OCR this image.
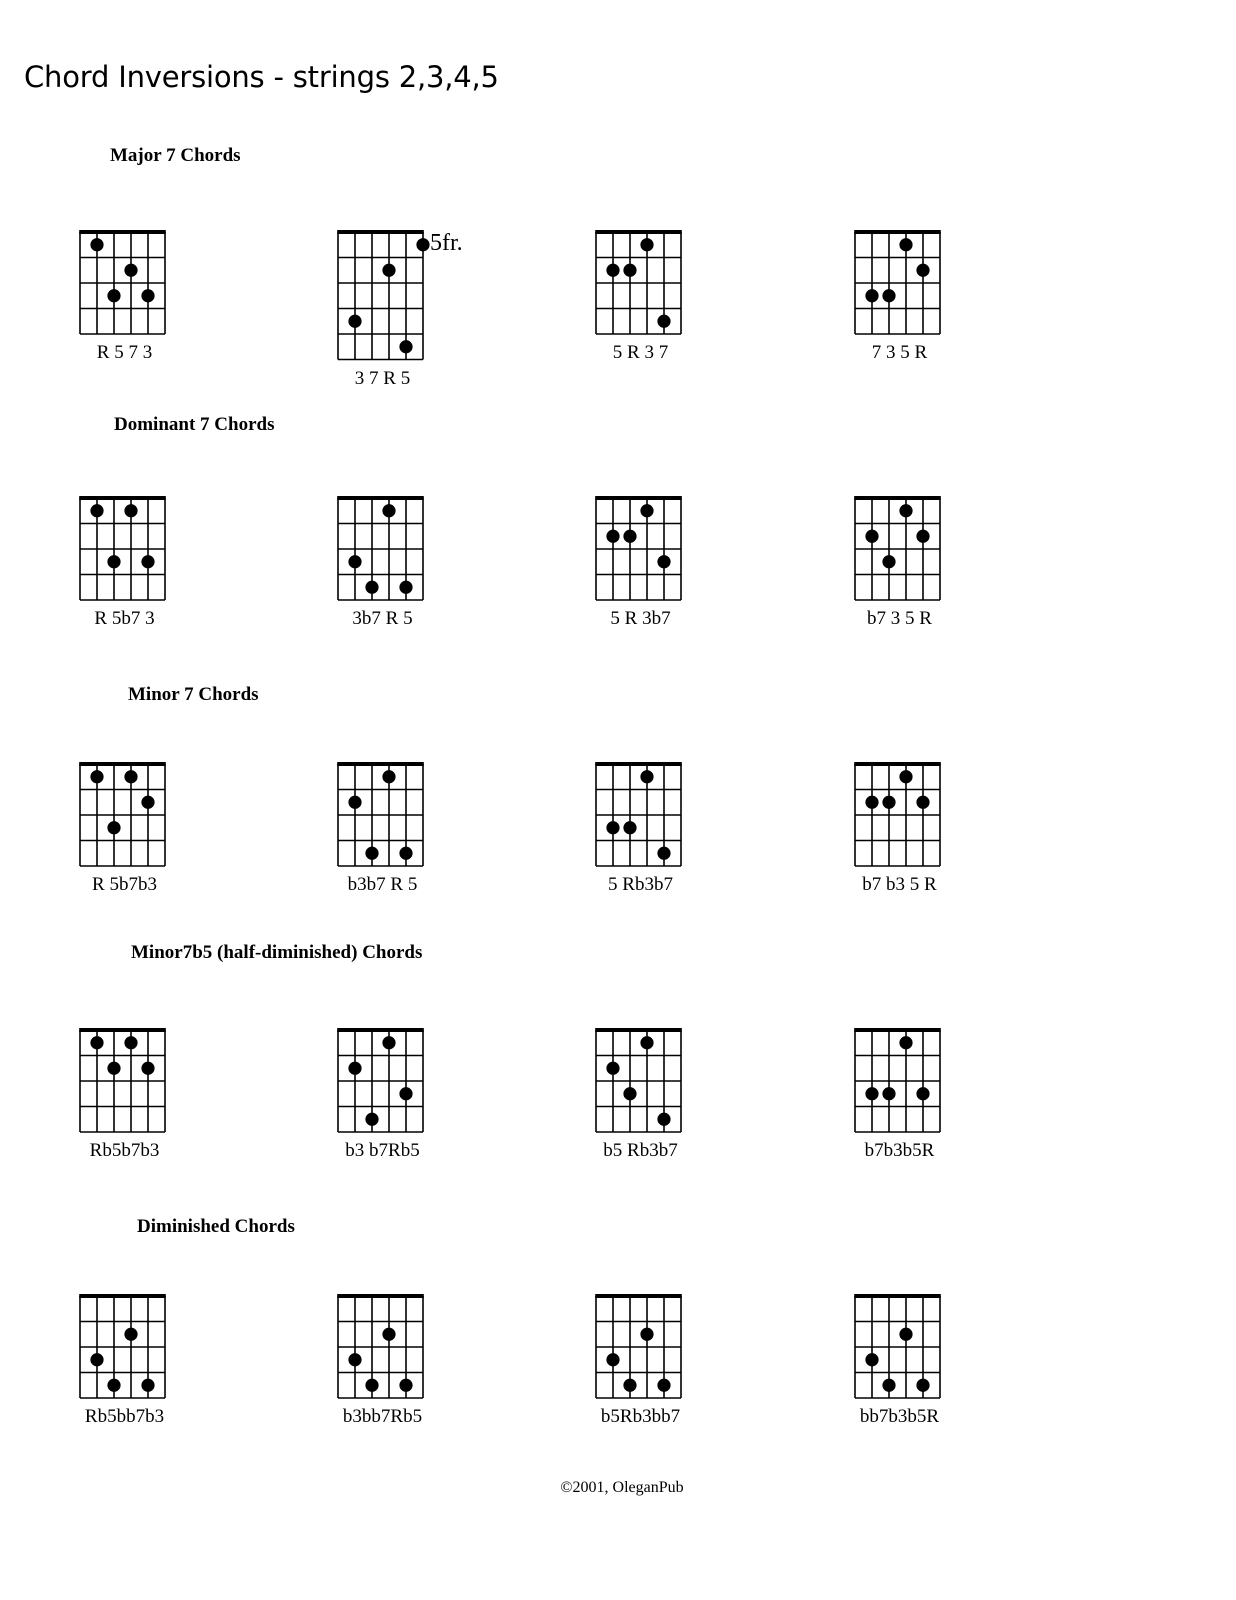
Chord Inversions - strings 2,3,4,5
Major 7 Chords
R 5 7 3
5fr.
3 7 R 5
5 R 3 7	7 3 5 R
Dominant 7 Chords
R 5b7 3	3b7 R 5	5 R 3b7	b7 3 5 R
Minor 7 Chords
R 5b7b3	b3b7 R 5	5 Rb3b7	b7 b3 5 R
Minor7b5 (half-diminished) Chords
Rb5b7b3	b3 b7Rb5	b5 Rb3b7	b7b3b5R
Diminished Chords
Rb5bb7b3	b3bb7Rb5	b5Rb3bb7	bb7b3b5R
©2001, OleganPub
